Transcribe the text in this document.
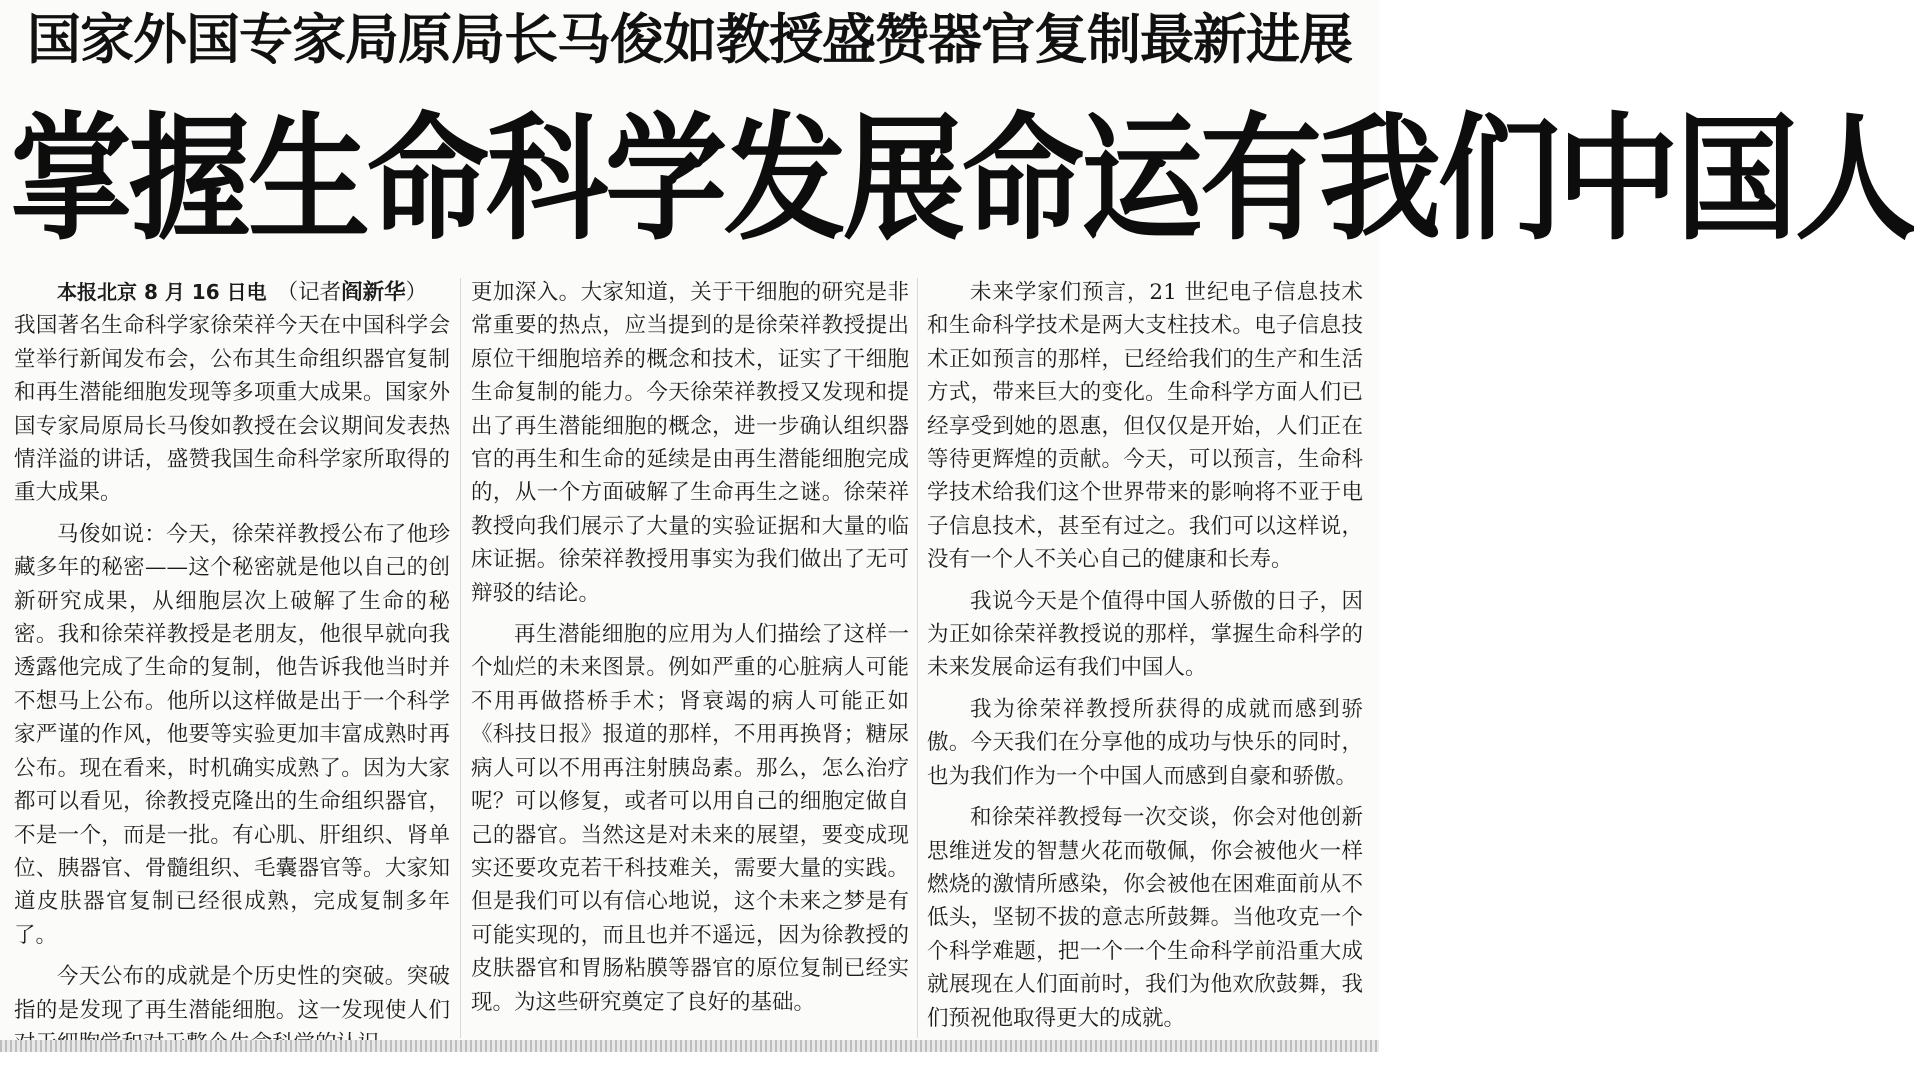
国家外国专家局原局长马俊如教授盛赞器官复制最新进展
掌握生命科学发展命运有我们中国人

本报北京 8 月 16 日电 （记者阎新华）

我国著名生命科学家徐荣祥今天在中国科学会堂举行新闻发布会，公布其生命组织器官复制和再生潜能细胞发现等多项重大成果。国家外国专家局原局长马俊如教授在会议期间发表热情洋溢的讲话，盛赞我国生命科学家所取得的重大成果。

马俊如说：今天，徐荣祥教授公布了他珍藏多年的秘密——这个秘密就是他以自己的创新研究成果，从细胞层次上破解了生命的秘密。我和徐荣祥教授是老朋友，他很早就向我透露他完成了生命的复制，他告诉我他当时并不想马上公布。他所以这样做是出于一个科学家严谨的作风，他要等实验更加丰富成熟时再公布。现在看来，时机确实成熟了。因为大家都可以看见，徐教授克隆出的生命组织器官，不是一个，而是一批。有心肌、肝组织、肾单位、胰器官、骨髓组织、毛囊器官等。大家知道皮肤器官复制已经很成熟，完成复制多年了。

今天公布的成就是个历史性的突破。突破指的是发现了再生潜能细胞。这一发现使人们

更加深入。大家知道，关于干细胞的研究是非常重要的热点，应当提到的是徐荣祥教授提出原位干细胞培养的概念和技术，证实了干细胞生命复制的能力。今天徐荣祥教授又发现和提出了再生潜能细胞的概念，进一步确认组织器官的再生和生命的延续是由再生潜能细胞完成的，从一个方面破解了生命再生之谜。徐荣祥教授向我们展示了大量的实验证据和大量的临床证据。徐荣祥教授用事实为我们做出了无可辩驳的结论。

再生潜能细胞的应用为人们描绘了这样一个灿烂的未来图景。例如严重的心脏病人可能不用再做搭桥手术；肾衰竭的病人可能正如《科技日报》报道的那样，不用再换肾；糖尿病人可以不用再注射胰岛素。那么，怎么治疗呢？可以修复，或者可以用自己的细胞定做自己的器官。当然这是对未来的展望，要变成现实还要攻克若干科技难关，需要大量的实践。但是我们可以有信心地说，这个未来之梦是有可能实现的，而且也并不遥远，因为徐教授的皮肤器官和胃肠粘膜等器官的原位复制已经实现。为这些研究奠定了良好的基础。

未来学家们预言，21 世纪电子信息技术和生命科学技术是两大支柱技术。电子信息技术正如预言的那样，已经给我们的生产和生活方式，带来巨大的变化。生命科学方面人们已经享受到她的恩惠，但仅仅是开始，人们正在等待更辉煌的贡献。今天，可以预言，生命科学技术给我们这个世界带来的影响将不亚于电子信息技术，甚至有过之。我们可以这样说，没有一个人不关心自己的健康和长寿。

我说今天是个值得中国人骄傲的日子，因为正如徐荣祥教授说的那样，掌握生命科学的未来发展命运有我们中国人。

我为徐荣祥教授所获得的成就而感到骄傲。今天我们在分享他的成功与快乐的同时，也为我们作为一个中国人而感到自豪和骄傲。

和徐荣祥教授每一次交谈，你会对他创新思维迸发的智慧火花而敬佩，你会被他火一样燃烧的激情所感染，你会被他在困难面前从不低头，坚韧不拔的意志所鼓舞。当他攻克一个个科学难题，把一个一个生命科学前沿重大成就展现在人们面前时，我们为他欢欣鼓舞，我们预祝他取得更大的成就。
